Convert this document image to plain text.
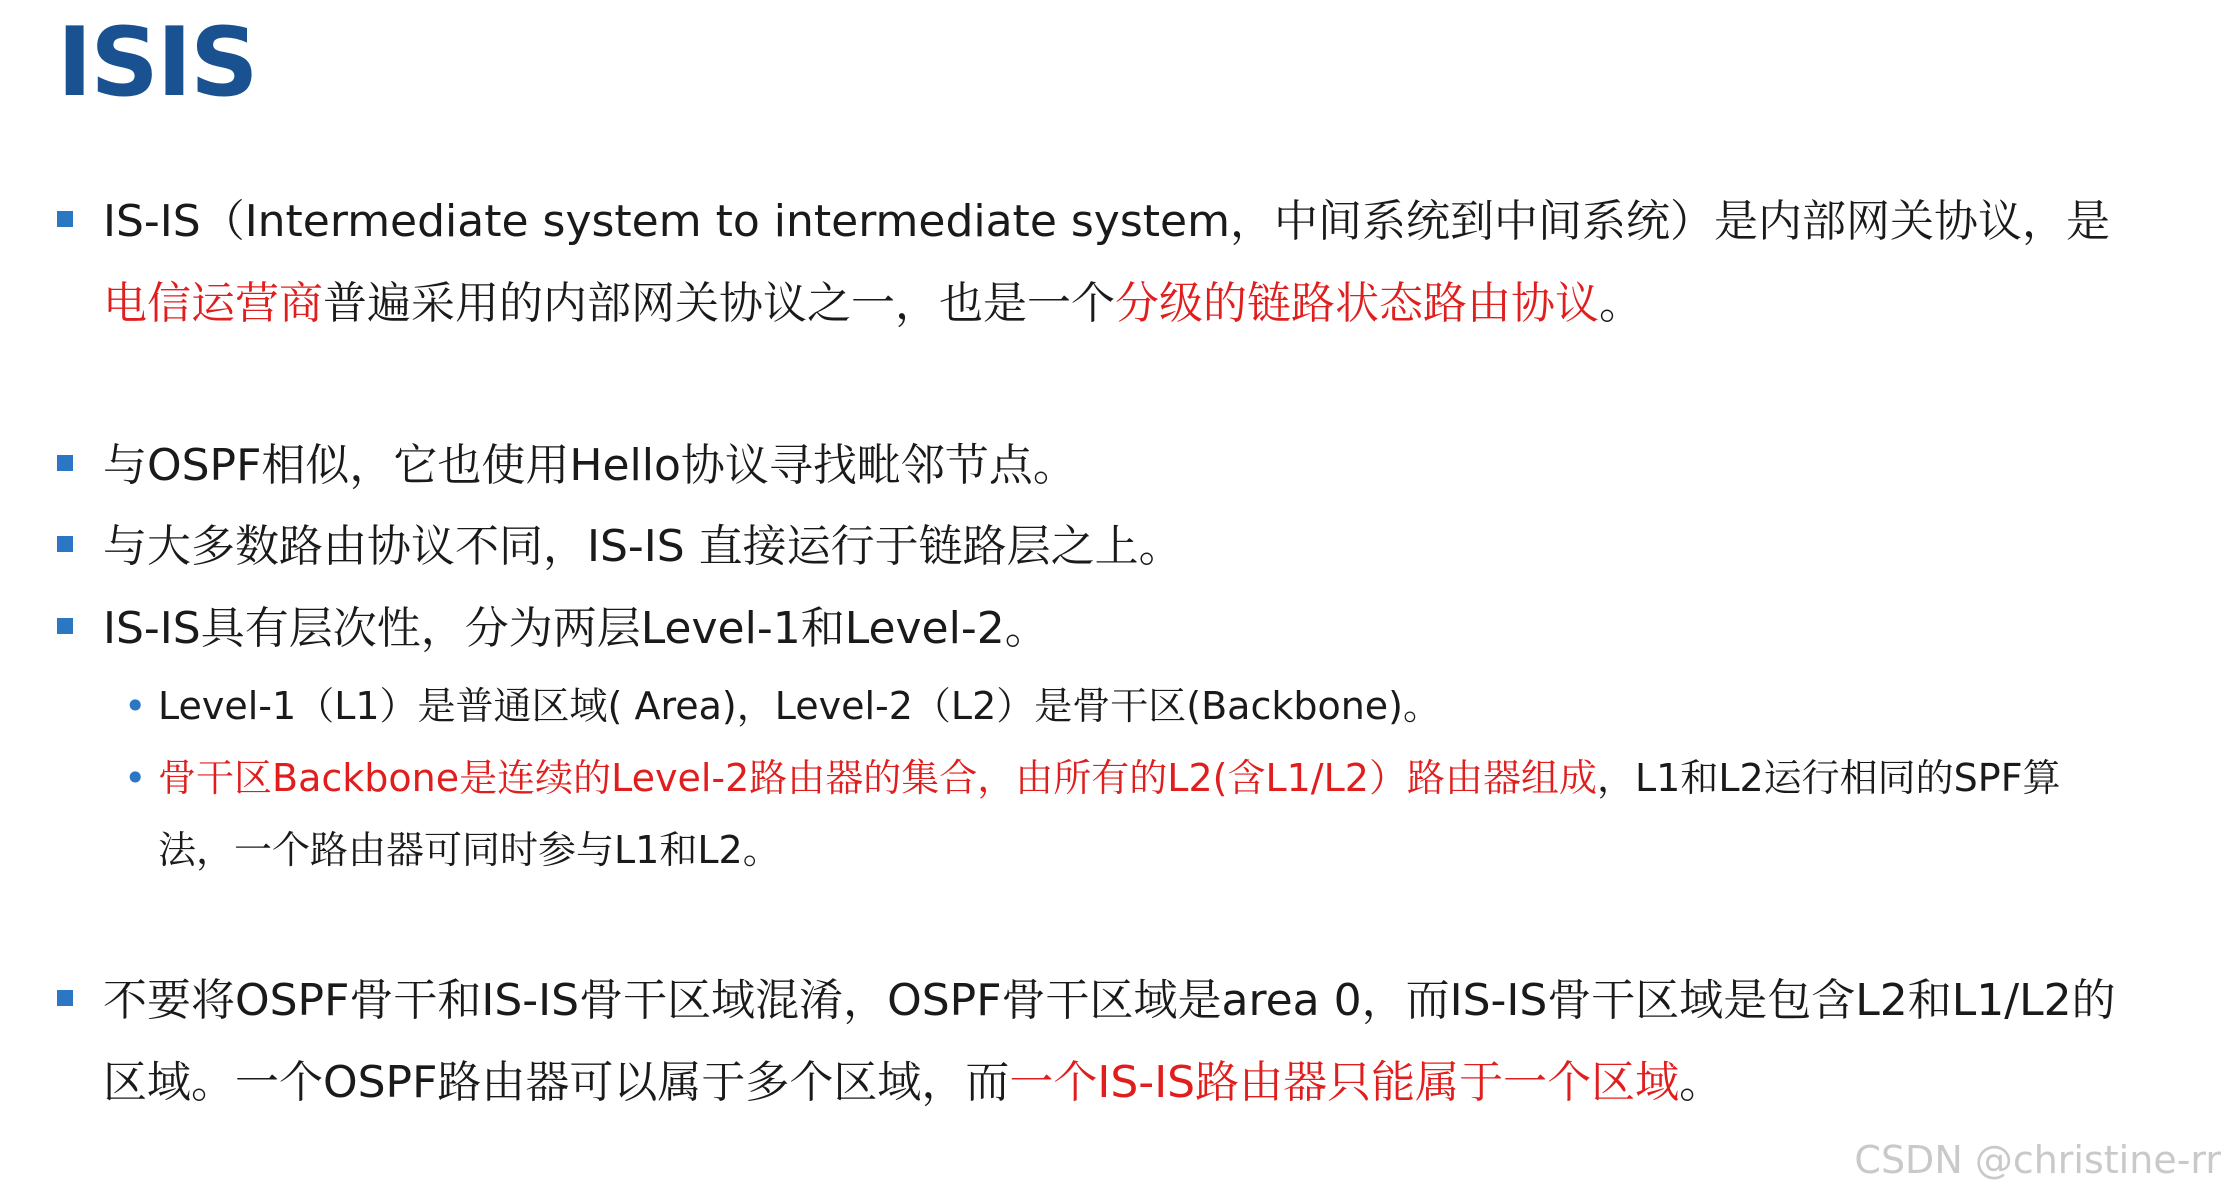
ISIS
IS-IS（Intermediate system to intermediate system，中间系统到中间系统）是内部网关协议，是电信运营商普遍采用的内部网关协议之一，也是一个分级的链路状态路由协议。
与OSPF相似，它也使用Hello协议寻找毗邻节点。
与大多数路由协议不同，IS-IS 直接运行于链路层之上。
IS-IS具有层次性，分为两层Level-1和Level-2。
• Level-1（L1）是普通区域( Area)，Level-2（L2）是骨干区(Backbone)。
• 骨干区Backbone是连续的Level-2路由器的集合，由所有的L2(含L1/L2）路由器组成，L1和L2运行相同的SPF算法，一个路由器可同时参与L1和L2。
不要将OSPF骨干和IS-IS骨干区域混淆，OSPF骨干区域是area 0，而IS-IS骨干区域是包含L2和L1/L2的区域。一个OSPF路由器可以属于多个区域，而一个IS-IS路由器只能属于一个区域。
CSDN @christine-rr
